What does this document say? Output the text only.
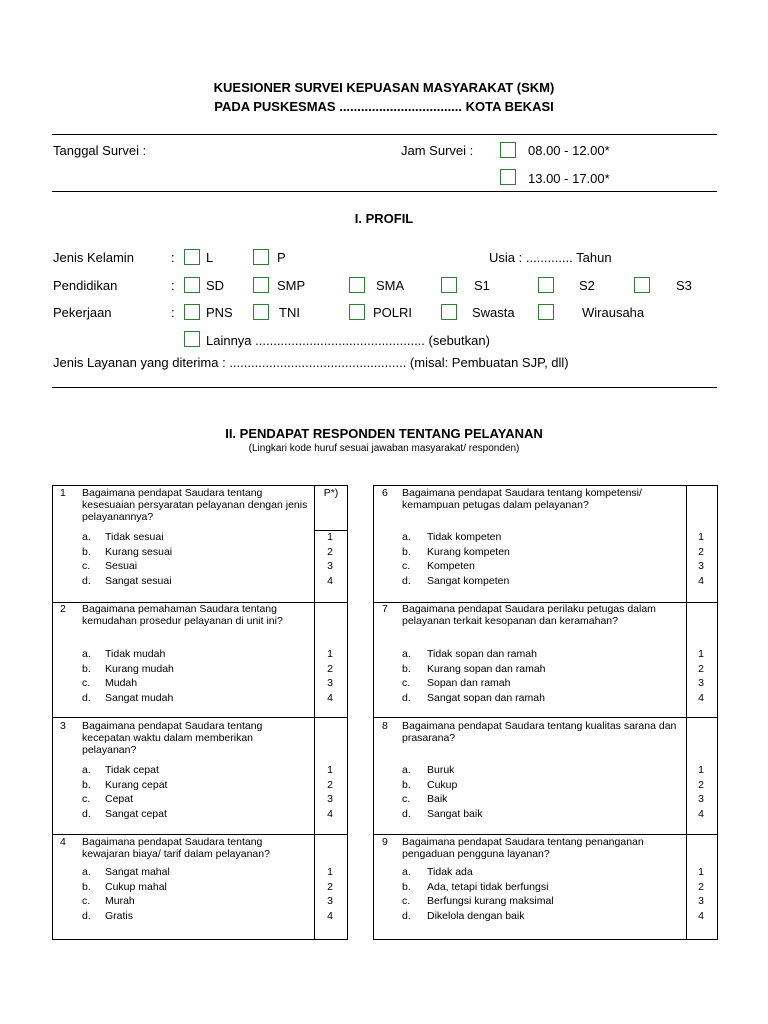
KUESIONER SURVEI KEPUASAN MASYARAKAT (SKM)
PADA PUSKESMAS .................................. KOTA BEKASI
Tanggal Survei :	Jam Survei :	08.00 - 12.00*
13.00 - 17.00*
I. PROFIL
Jenis Kelamin	: L	P	Usia : ............. Tahun
Pendidikan	: SD	SMP	SMA	S1	S2	S3
Pekerjaan	: PNS	TNI	POLRI	Swasta	Wirausaha
Lainnya ............................................... (sebutkan)
Jenis Layanan yang diterima : ................................................. (misal: Pembuatan SJP, dll)
II. PENDAPAT RESPONDEN TENTANG PELAYANAN
(Lingkari kode huruf sesuai jawaban masyarakat/ responden)
P*)
1 Bagaimana pendapat Saudara tentang kesesuaian persyaratan pelayanan dengan jenis pelayanannya?
a. Tidak sesuai	1
b. Kurang sesuai	2
c. Sesuai	3
d. Sangat sesuai	4
2 Bagaimana pemahaman Saudara tentang kemudahan prosedur pelayanan di unit ini?
a. Tidak mudah	1
b. Kurang mudah	2
c. Mudah	3
d. Sangat mudah	4
3 Bagaimana pendapat Saudara tentang kecepatan waktu dalam memberikan pelayanan?
a. Tidak cepat	1
b. Kurang cepat	2
c. Cepat	3
d. Sangat cepat	4
4 Bagaimana pendapat Saudara tentang kewajaran biaya/ tarif dalam pelayanan?
a. Sangat mahal	1
b. Cukup mahal	2
c. Murah	3
d. Gratis	4
6 Bagaimana pendapat Saudara tentang kompetensi/ kemampuan petugas dalam pelayanan?
a. Tidak kompeten	1
b. Kurang kompeten	2
c. Kompeten	3
d. Sangat kompeten	4
7 Bagaimana pendapat Saudara perilaku petugas dalam pelayanan terkait kesopanan dan keramahan?
a. Tidak sopan dan ramah	1
b. Kurang sopan dan ramah	2
c. Sopan dan ramah	3
d. Sangat sopan dan ramah	4
8 Bagaimana pendapat Saudara tentang kualitas sarana dan prasarana?
a. Buruk	1
b. Cukup	2
c. Baik	3
d. Sangat baik	4
9 Bagaimana pendapat Saudara tentang penanganan pengaduan pengguna layanan?
a. Tidak ada	1
b. Ada, tetapi tidak berfungsi	2
c. Berfungsi kurang maksimal	3
d. Dikelola dengan baik	4
